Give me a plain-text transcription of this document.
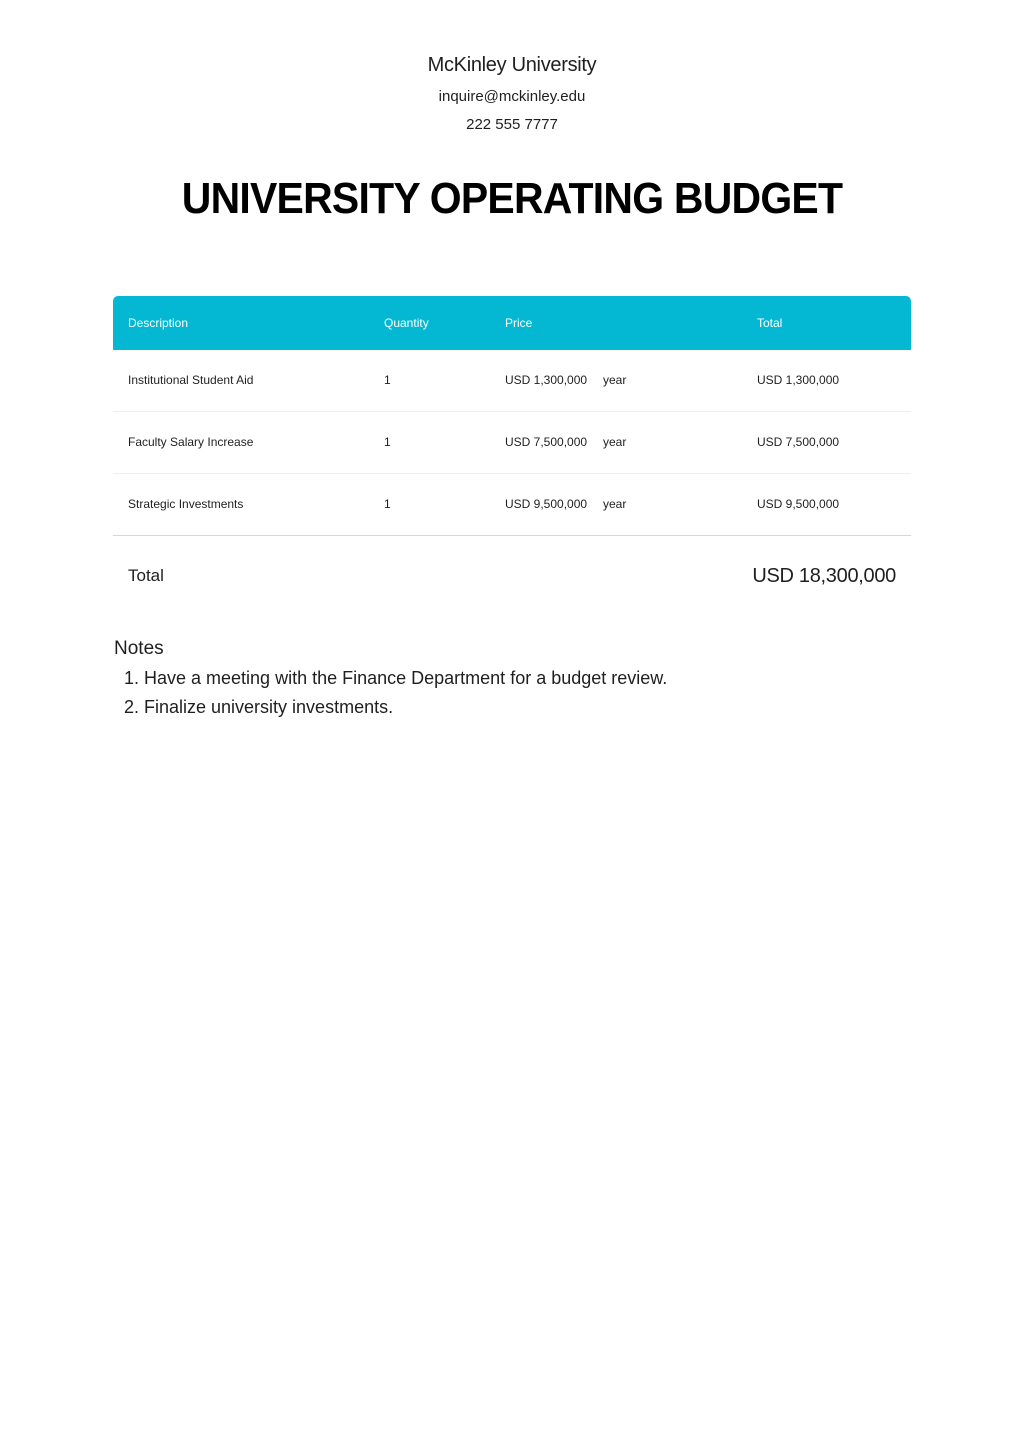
McKinley University
inquire@mckinley.edu
222 555 7777
UNIVERSITY OPERATING BUDGET
Description	Quantity	Price	Total
Institutional Student Aid	1	USD 1,300,000 year	USD 1,300,000
Faculty Salary Increase	1	USD 7,500,000 year	USD 7,500,000
Strategic Investments	1	USD 9,500,000 year	USD 9,500,000
Total	USD 18,300,000
Notes
1. Have a meeting with the Finance Department for a budget review.
2. Finalize university investments.
